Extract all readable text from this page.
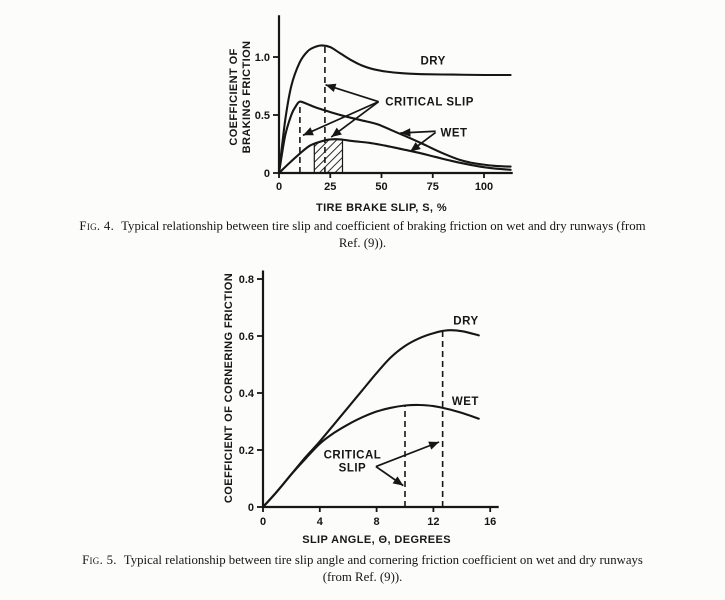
0	25	50	75	100
0
0.5
1.0
TIRE BRAKE SLIP, S, %
COEFFICIENT OF BRAKING FRICTION	DRY
CRITICAL SLIP
WET
Fig. 4. Typical relationship between tire slip and coefficient of braking friction on wet and dry runways (from Ref. (9)).
0	4	8	12	16
0
0.2
0.4
0.6
0.8
SLIP ANGLE, Θ, DEGREES
COEFFICIENT OF CORNERING FRICTION	DRY
WET
CRITICAL SLIP
Fig. 5. Typical relationship between tire slip angle and cornering friction coefficient on wet and dry runways (from Ref. (9)).
